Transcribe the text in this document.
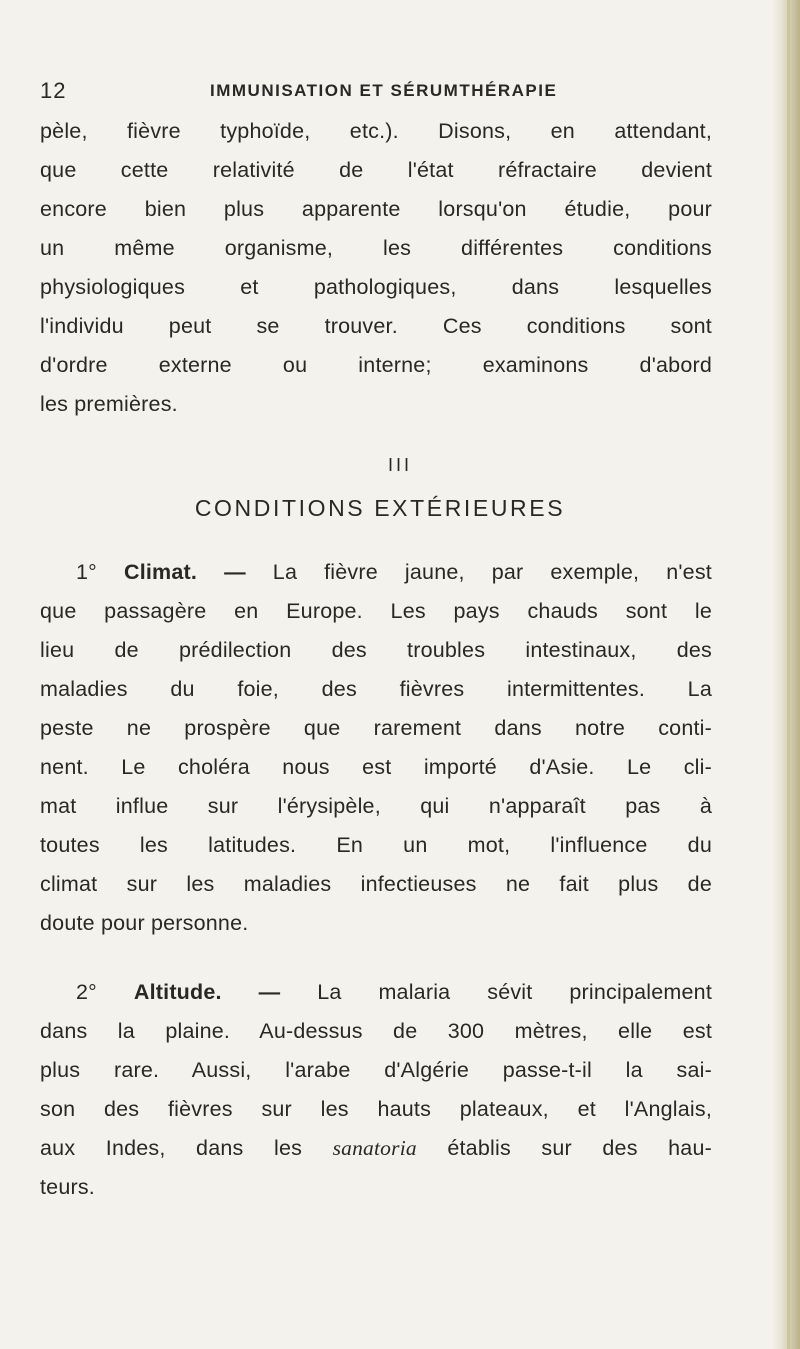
12	IMMUNISATION ET SÉRUMTHÉRAPIE
pèle, fièvre typhoïde, etc.). Disons, en attendant,
que cette relativité de l'état réfractaire devient
encore bien plus apparente lorsqu'on étudie, pour
un même organisme, les différentes conditions
physiologiques et pathologiques, dans lesquelles
l'individu peut se trouver. Ces conditions sont
d'ordre externe ou interne; examinons d'abord
les premières.
III
CONDITIONS EXTÉRIEURES
1° Climat. — La fièvre jaune, par exemple, n'est
que passagère en Europe. Les pays chauds sont le
lieu de prédilection des troubles intestinaux, des
maladies du foie, des fièvres intermittentes. La
peste ne prospère que rarement dans notre conti-
nent. Le choléra nous est importé d'Asie. Le cli-
mat influe sur l'érysipèle, qui n'apparaît pas à
toutes les latitudes. En un mot, l'influence du
climat sur les maladies infectieuses ne fait plus de
doute pour personne.
2° Altitude. — La malaria sévit principalement
dans la plaine. Au-dessus de 300 mètres, elle est
plus rare. Aussi, l'arabe d'Algérie passe-t-il la sai-
son des fièvres sur les hauts plateaux, et l'Anglais,
aux Indes, dans les sanatoria établis sur des hau-
teurs.
